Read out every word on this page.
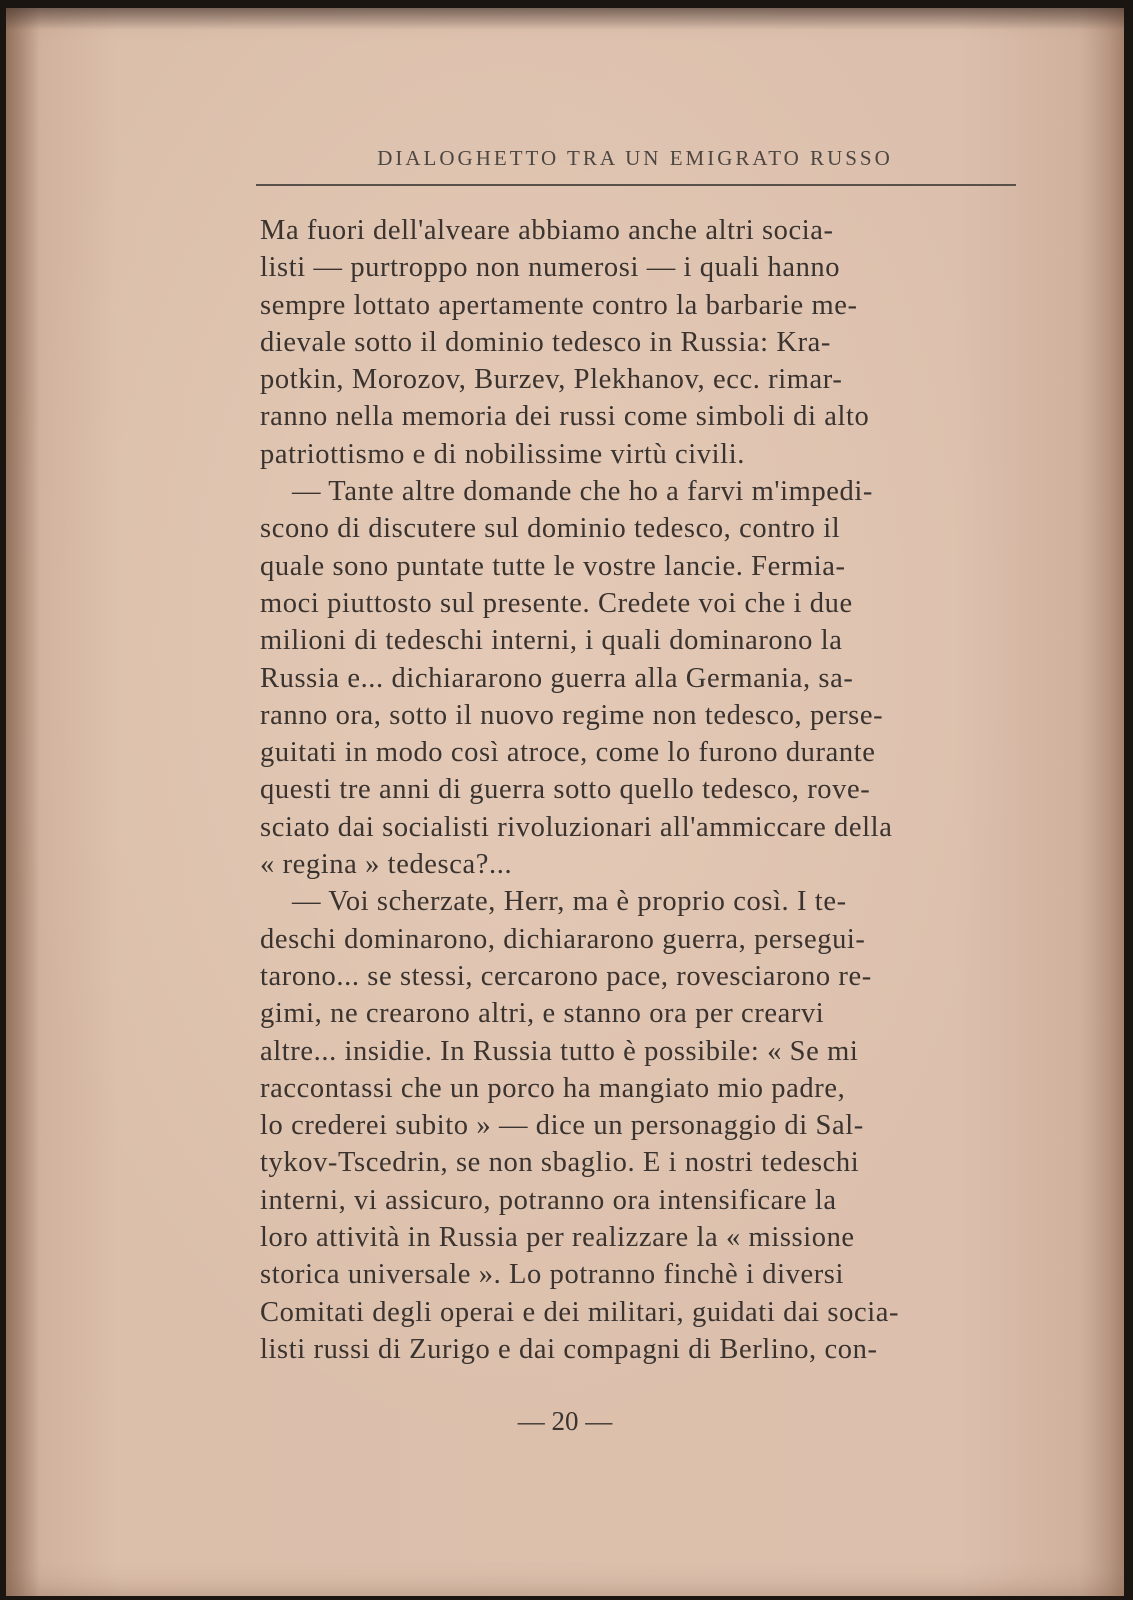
DIALOGHETTO TRA UN EMIGRATO RUSSO
Ma fuori dell'alveare abbiamo anche altri socia-
listi — purtroppo non numerosi — i quali hanno
sempre lottato apertamente contro la barbarie me-
dievale sotto il dominio tedesco in Russia: Kra-
potkin, Morozov, Burzev, Plekhanov, ecc. rimar-
ranno nella memoria dei russi come simboli di alto
patriottismo e di nobilissime virtù civili.
— Tante altre domande che ho a farvi m'impedi-
scono di discutere sul dominio tedesco, contro il
quale sono puntate tutte le vostre lancie. Fermia-
moci piuttosto sul presente. Credete voi che i due
milioni di tedeschi interni, i quali dominarono la
Russia e... dichiararono guerra alla Germania, sa-
ranno ora, sotto il nuovo regime non tedesco, perse-
guitati in modo così atroce, come lo furono durante
questi tre anni di guerra sotto quello tedesco, rove-
sciato dai socialisti rivoluzionari all'ammiccare della
« regina » tedesca?...
— Voi scherzate, Herr, ma è proprio così. I te-
deschi dominarono, dichiararono guerra, persegui-
tarono... se stessi, cercarono pace, rovesciarono re-
gimi, ne crearono altri, e stanno ora per crearvi
altre... insidie. In Russia tutto è possibile: « Se mi
raccontassi che un porco ha mangiato mio padre,
lo crederei subito » — dice un personaggio di Sal-
tykov-Tscedrin, se non sbaglio. E i nostri tedeschi
interni, vi assicuro, potranno ora intensificare la
loro attività in Russia per realizzare la « missione
storica universale ». Lo potranno finchè i diversi
Comitati degli operai e dei militari, guidati dai socia-
listi russi di Zurigo e dai compagni di Berlino, con-
— 20 —
